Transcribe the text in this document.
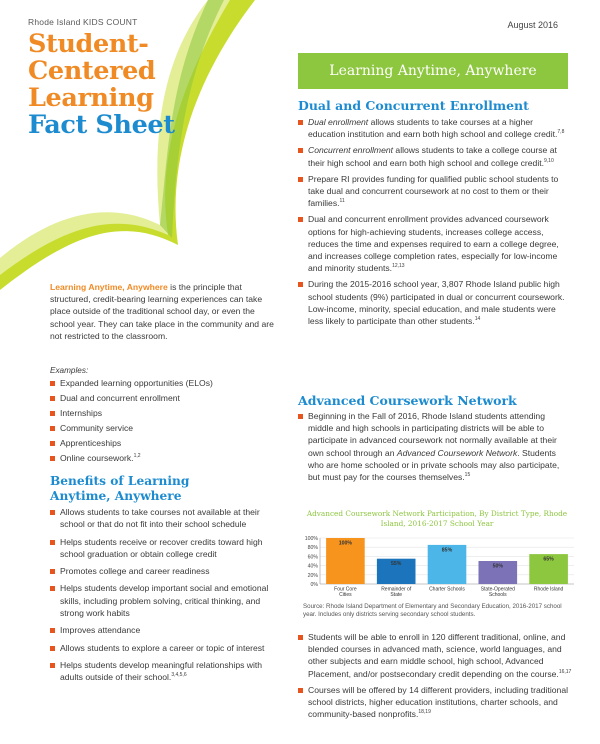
Rhode Island KIDS COUNT
Student-
Centered
Learning
Fact Sheet
August 2016
Learning Anytime, Anywhere

Learning Anytime, Anywhere is the principle that structured, credit-bearing learning experiences can take place outside of the traditional school day, or even the school year. They can take place in the community and are not restricted to the classroom.

Examples:
Expanded learning opportunities (ELOs)
Dual and concurrent enrollment
Internships
Community service
Apprenticeships
Online coursework.$^{1,2}$
Benefits of Learning Anytime, Anywhere
Allows students to take courses not available at their school or that do not fit into their school schedule
Helps students receive or recover credits toward high school graduation or obtain college credit
Promotes college and career readiness
Helps students develop important social and emotional skills, including problem solving, critical thinking, and strong work habits
Improves attendance
Allows students to explore a career or topic of interest
Helps students develop meaningful relationships with adults outside of their school.$^{3,4,5,6}$
Dual and Concurrent Enrollment
Dual enrollment allows students to take courses at a higher education institution and earn both high school and college credit.$^{7,8}$
Concurrent enrollment allows students to take a college course at their high school and earn both high school and college credit.$^{9,10}$
Prepare RI provides funding for qualified public school students to take dual and concurrent coursework at no cost to them or their families.$^{11}$
Dual and concurrent enrollment provides advanced coursework options for high-achieving students, increases college access, reduces the time and expenses required to earn a college degree, and increases college completion rates, especially for low-income and minority students.$^{12,13}$
During the 2015-2016 school year, 3,807 Rhode Island public high school students (9%) participated in dual or concurrent coursework. Low-income, minority, special education, and male students were less likely to participate than other students.$^{14}$
Advanced Coursework Network
Beginning in the Fall of 2016, Rhode Island students attending middle and high schools in participating districts will be able to participate in advanced coursework not normally available at their own school through an Advanced Coursework Network. Students who are home schooled or in private schools may also participate, but must pay for the courses themselves.$^{15}$
Advanced Coursework Network Participation, By District Type, Rhode Island, 2016-2017 School Year
100%
80%
60%
40%
20%
0%
100%
Four Core Cities
55%
Remainder of State
85%
Charter Schools
50%
State-Operated Schools
65%
Rhode Island
Source: Rhode Island Department of Elementary and Secondary Education, 2016-2017 school year. Includes only districts serving secondary school students.
Students will be able to enroll in 120 different traditional, online, and blended courses in advanced math, science, world languages, and other subjects and earn middle school, high school, Advanced Placement, and/or postsecondary credit depending on the course.$^{16,17}$
Courses will be offered by 14 different providers, including traditional school districts, higher education institutions, charter schools, and community-based nonprofits.$^{18,19}$
